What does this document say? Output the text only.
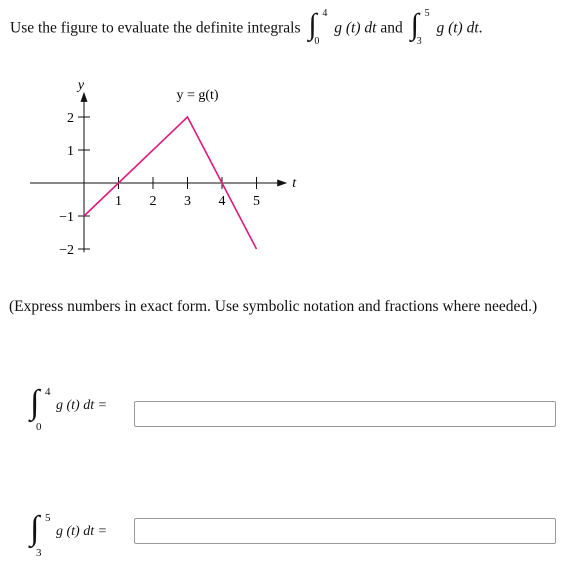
Use the figure to evaluate the definite integrals ∫ 4
0
g (t) dt and ∫ 5
3
g (t) dt.
t
y
1 2 3 4 5
2
1
−1
−2
y = g(t)
(Express numbers in exact form. Use symbolic notation and fractions where needed.)
∫ 4
0
g (t) dt =
∫ 5
3
g (t) dt =
